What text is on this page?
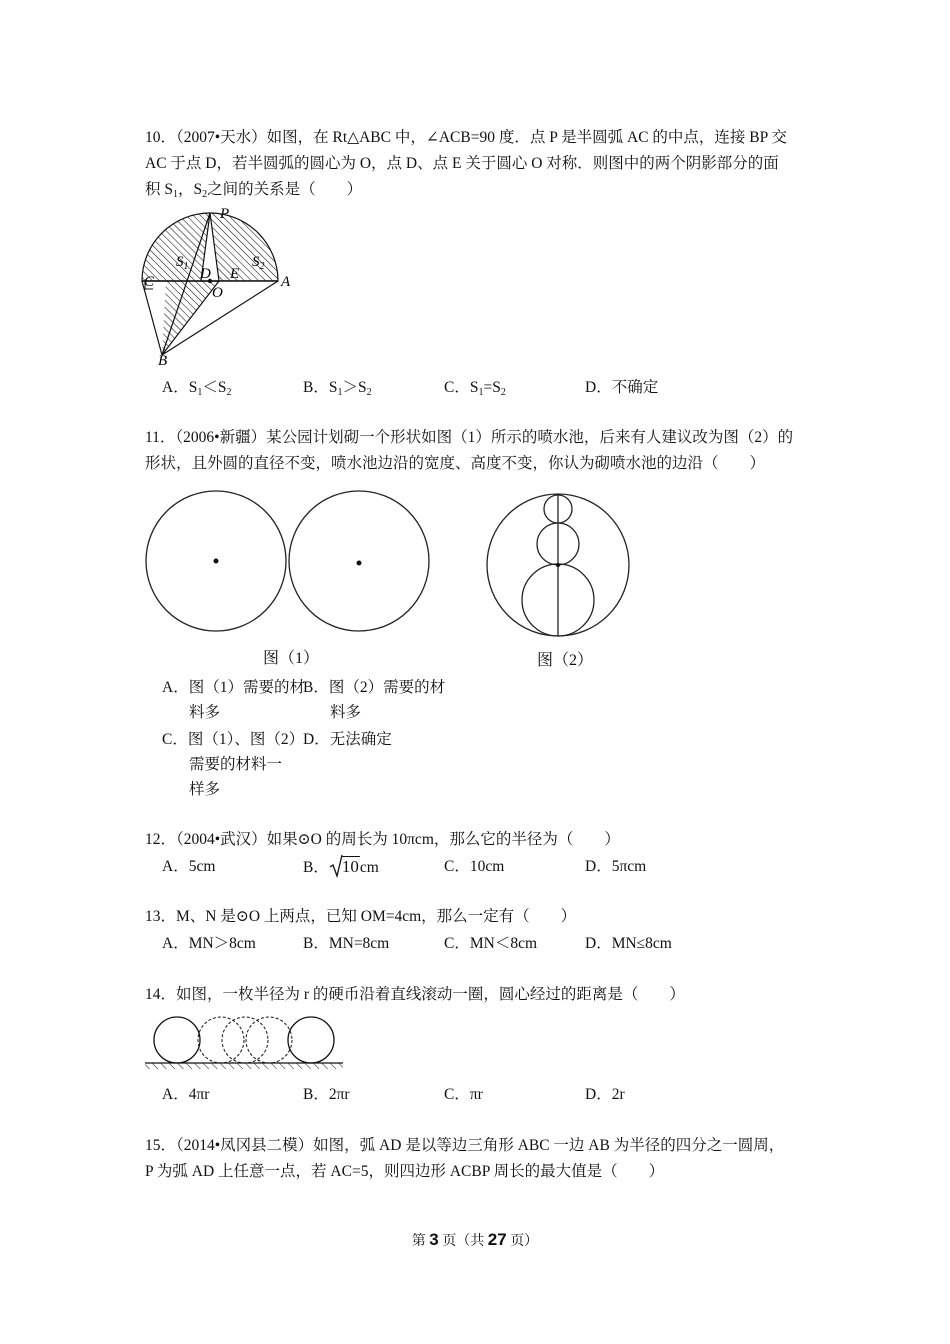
10．（2007•天水）如图，在 Rt△ABC 中，∠ACB=90 度．点 P 是半圆弧 AC 的中点，连接 BP 交
AC 于点 D，若半圆弧的圆心为 O，点 D、点 E 关于圆心 O 对称．则图中的两个阴影部分的面
积 $S_1$，$S_2$之间的关系是（　　）
P
C	A
B
D E
O
$S_1$	$S_2$
A．$S_1<S_2$	B．$S_1>S_2$	C．$S_1=S_2$	D．不确定
11．（2006•新疆）某公园计划砌一个形状如图（1）所示的喷水池，后来有人建议改为图（2）的
形状，且外圆的直径不变，喷水池边沿的宽度、高度不变，你认为砌喷水池的边沿（　　）
图（1）	图（2）
A．图（1）需要的材
料多
B．图（2）需要的材
料多
C．图（1）、图（2）
需要的材料一
样多
D．无法确定
12．（2004•武汉）如果⊙O 的周长为 10πcm，那么它的半径为（　　）
A．5cm	B． 10cm	C．10cm	D．5πcm
13．M、N 是⊙O 上两点，已知 OM=4cm，那么一定有（　　）
A．MN＞8cm	B．MN=8cm	C．MN＜8cm	D．MN≤8cm
14．如图，一枚半径为 r 的硬币沿着直线滚动一圈，圆心经过的距离是（　　）
A．4πr	B．2πr	C．πr	D．2r
15．（2014•凤冈县二模）如图，弧 AD 是以等边三角形 ABC 一边 AB 为半径的四分之一圆周，
P 为弧 AD 上任意一点，若 AC=5，则四边形 ACBP 周长的最大值是（　　）
第 3 页（共 27 页）
